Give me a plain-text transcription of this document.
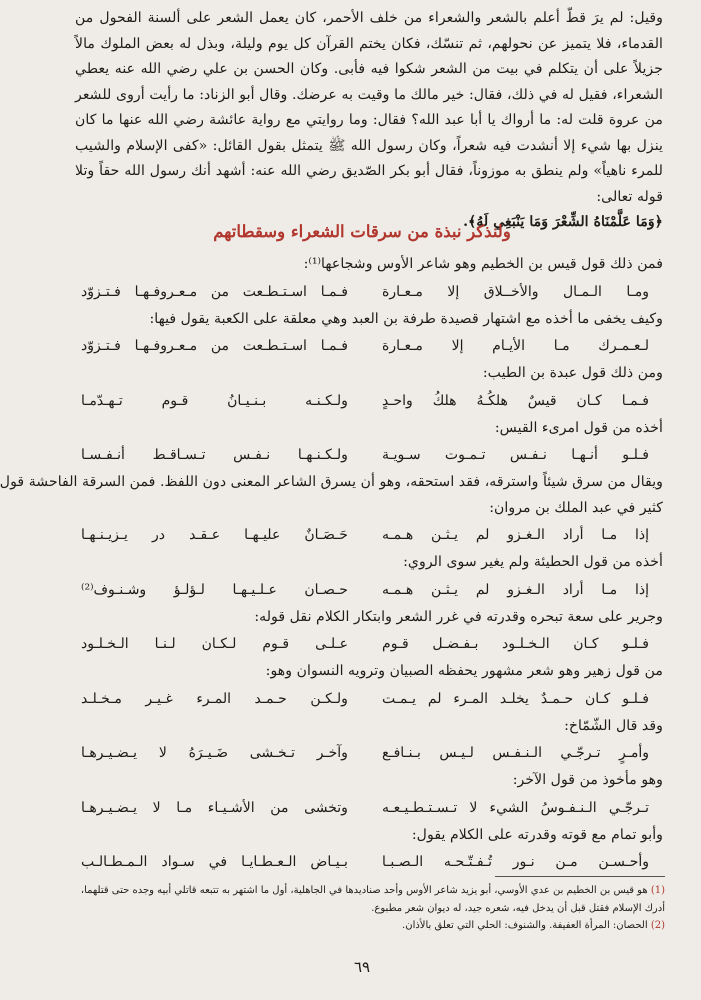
وقيل: لم يرَ قطّ أعلم بالشعر والشعراء من خلف الأحمر، كان يعمل الشعر على ألسنة الفحول من القدماء، فلا يتميز عن نحولهم، ثم تنسّك، فكان يختم القرآن كل يوم وليلة، وبذل له بعض الملوك مالاً جزيلاً على أن يتكلم في بيت من الشعر شكوا فيه فأبى. وكان الحسن بن علي رضي الله عنه يعطي الشعراء، فقيل له في ذلك، فقال: خير مالك ما وقيت به عرضك. وقال أبو الزناد: ما رأيت أروى للشعر من عروة قلت له: ما أرواك يا أبا عبد الله؟ فقال: وما روايتي مع رواية عائشة رضي الله عنها ما كان ينزل بها شيء إلا أنشدت فيه شعراً، وكان رسول الله ﷺ يتمثل بقول القائل: «كفى الإسلام والشيب للمرء ناهياً» ولم ينطق به موزوناً، فقال أبو بكر الصّديق رضي الله عنه: أشهد أنك رسول الله حقاً وتلا قوله تعالى:

﴿وَمَا عَلَّمْنَاهُ الشِّعْرَ وَمَا يَنْبَغِي لَهُ﴾.

ولنذكر نبذة من سرقات الشعراء وسقطاتهم
فمن ذلك قول قيس بن الخطيم وهو شاعر الأوس وشجاعها⁽¹⁾:
ومـا الـمـال والأخــلاق إلا مـعـارة
فـمـا اسـتـطـعت من مـعـروفـهـا فـتـزوّد
وكيف يخفى ما أخذه مع اشتهار قصيدة طرفة بن العبد وهي معلقة على الكعبة يقول فيها:
لـعـمـرك مـا الأيـام إلا مـعـارة
فـمـا اسـتـطـعت من مـعـروفـهـا فـتـزوّد
ومن ذلك قول عبدة بن الطيب:
فـمـا كـان قيسٌ هلكُـهُ هلكُ واحـدٍ
ولـكـنـه بـنـيـانُ قـوم تـهـدّمـا
أخذه من قول امرىء القيس:
فـلـو أنـهـا نـفـس تـمـوت سـويـة
ولـكـنـهـا نـفـس تـسـاقـط أنـفـسـا
ويقال من سرق شيئاً واسترقه، فقد استحقه، وهو أن يسرق الشاعر المعنى دون اللفظ. فمن السرقة الفاحشة قول
كثير في عبد الملك بن مروان:
إذا مـا أراد الـغـزو لم يـثـن هـمـه
حَـصَـانٌ عليـهـا عـقـد در يـزيـنـهـا
أخذه من قول الحطيئة ولم يغير سوى الروي:
إذا مـا أراد الـغـزو لم يـثـن هـمـه
حـصـان عـلـيـهـا لـؤلـؤ وشـنـوف⁽²⁾
وجرير على سعة تبحره وقدرته في غرر الشعر وابتكار الكلام نقل قوله:
فـلـو كـان الـخـلـود بـفـضـل قـوم
عـلـى قـوم لـكـان لـنـا الـخـلـود
من قول زهير وهو شعر مشهور يحفظه الصبيان وترويه النسوان وهو:
فـلـو كـان حـمـدٌ يخلـد المـرء لم يـمـت
ولـكـن حـمـد المـرء غـيـر مـخـلـد
وقد قال الشّمّاخ:
وأمـرٍ تـرجّـي الـنـفـس لـيـس بـنـافـع
وآخـر تـخـشى ضَـيـرَهُ لا يـضـيـرهـا
وهو مأخوذ من قول الآخر:
تـرجّـي الـنـفـوسُ الشيء لا تـسـتـطـيـعـه
وتخشى من الأشـيـاء مـا لا يـضـيـرهـا
وأبو تمام مع قوته وقدرته على الكلام يقول:
وأحـسـن مـن نـور تُـفـتّـحـه الـصـبـا
بـيـاض الـعـطـايـا في سـواد الـمـطـالـب

(1) هو قيس بن الخطيم بن عدي الأوسي، أبو يزيد شاعر الأوس وأحد صناديدها في الجاهلية، أول ما اشتهر به تتبعه قاتلي أبيه وجده حتى قتلهما، أدرك الإسلام فقتل قبل أن يدخل فيه، شعره جيد، له ديوان شعر مطبوع.

(2) الحصان: المرأة العفيفة. والشنوف: الحلي التي تعلق بالأذان.

٦٩
